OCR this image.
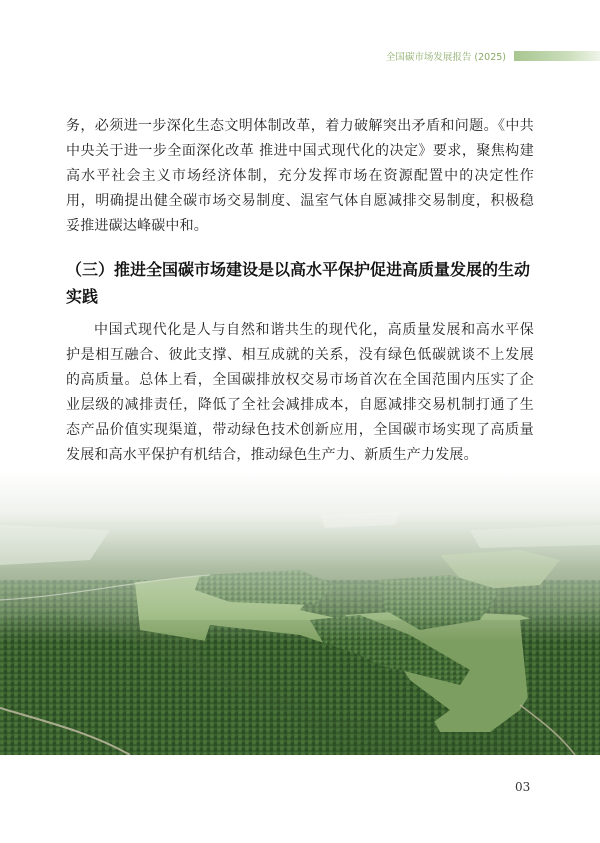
全国碳市场发展报告 (2025)

务，必须进一步深化生态文明体制改革，着力破解突出矛盾和问题。《中共中央关于进一步全面深化改革 推进中国式现代化的决定》要求，聚焦构建高水平社会主义市场经济体制，充分发挥市场在资源配置中的决定性作用，明确提出健全碳市场交易制度、温室气体自愿减排交易制度，积极稳妥推进碳达峰碳中和。

（三）推进全国碳市场建设是以高水平保护促进高质量发展的生动实践

中国式现代化是人与自然和谐共生的现代化，高质量发展和高水平保护是相互融合、彼此支撑、相互成就的关系，没有绿色低碳就谈不上发展的高质量。总体上看，全国碳排放权交易市场首次在全国范围内压实了企业层级的减排责任，降低了全社会减排成本，自愿减排交易机制打通了生态产品价值实现渠道，带动绿色技术创新应用，全国碳市场实现了高质量发展和高水平保护有机结合，推动绿色生产力、新质生产力发展。

03
